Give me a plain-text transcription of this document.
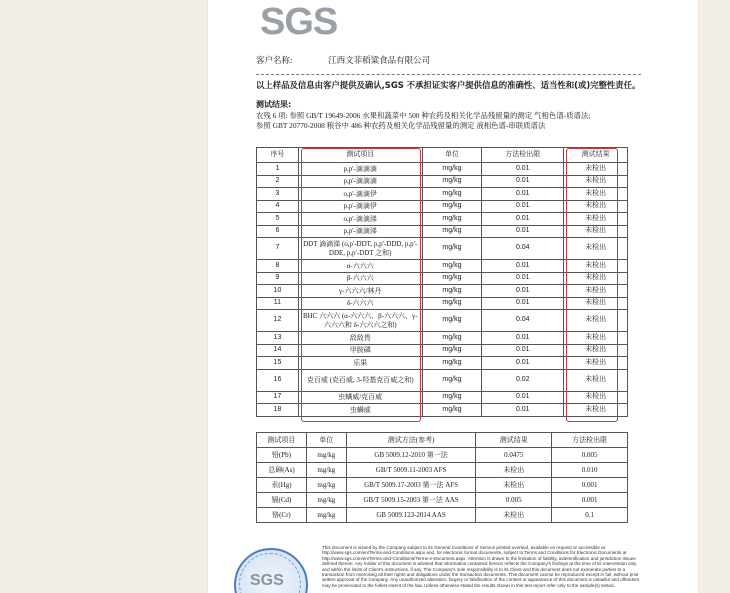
SGS
客户名称:	江西文菲稻粱食品有限公司
以上样品及信息由客户提供及确认,SGS 不承担证实客户提供信息的准确性、适当性和(或)完整性责任。
测试结果:
农残 6 项: 参照 GB/T 19649-2006 水果和蔬菜中 500 种农药及相关化学品残留量的测定 气相色谱-质谱法;
参照 GBT 20770-2008 粮谷中 486 种农药及相关化学品残留量的测定 液相色谱-串联质谱法
序号	测试项目	单位	方法检出限	测试结果
1	p,p'-滴滴滴	mg/kg	0.01	未检出
2	p,p'-滴滴滴	mg/kg	0.01	未检出
3	o,p'-滴滴伊	mg/kg	0.01	未检出
4	p,p'-滴滴伊	mg/kg	0.01	未检出
5	o,p'-滴滴涕	mg/kg	0.01	未检出
6	p,p'-滴滴涕	mg/kg	0.01	未检出
7	DDT 滴滴涕 (o,p'-DDT, p,p'-DDD, p,p'-DDE, p,p'-DDT 之和)	mg/kg	0.04	未检出
8	α-六六六	mg/kg	0.01	未检出
9	β-六六六	mg/kg	0.01	未检出
10	γ-六六六/林丹	mg/kg	0.01	未检出
11	δ-六六六	mg/kg	0.01	未检出
12	BHC 六六六 (α-六六六、β-六六六、γ-六六六和 δ-六六六之和)	mg/kg	0.04	未检出
13	敌敌畏	mg/kg	0.01	未检出
14	甲胺磷	mg/kg	0.01	未检出
15	乐果	mg/kg	0.01	未检出
16	克百威 (克百威, 3-羟基克百威之和)	mg/kg	0.02	未检出
17	虫螨威/克百威	mg/kg	0.01	未检出
18	虫螨威	mg/kg	0.01	未检出
测试项目	单位	测试方法(参考)	测试结果	方法检出限
铅(Pb)	mg/kg	GB 5009.12-2010 第一法	0.0475	0.005
总砷(As)	mg/kg	GB/T 5009.11-2003 AFS	未检出	0.010
汞(Hg)	mg/kg	GB/T 5009.17-2003 第一法 AFS	未检出	0.001
镉(Cd)	mg/kg	GB/T 5009.15-2003 第一法 AAS	0.005	0.001
铬(Cr)	mg/kg	GB 5009.123-2014 AAS	未检出	0.1
SGS
This document is issued by the Company subject to its General Conditions of Service printed overleaf, available on request or accessible at http://www.sgs.com/en/Terms-and-Conditions.aspx and, for electronic format documents, subject to Terms and Conditions for Electronic Documents at http://www.sgs.com/en/Terms-and-Conditions/Terms-e-Document.aspx. Attention is drawn to the limitation of liability, indemnification and jurisdiction issues defined therein. Any holder of this document is advised that information contained hereon reflects the Company's findings at the time of its intervention only and within the limits of Client's instructions, if any. The Company's sole responsibility is to its Client and this document does not exonerate parties to a transaction from exercising all their rights and obligations under the transaction documents. This document cannot be reproduced except in full, without prior written approval of the Company. Any unauthorized alteration, forgery or falsification of the content or appearance of this document is unlawful and offenders may be prosecuted to the fullest extent of the law. Unless otherwise stated the results shown in this test report refer only to the sample(s) tested.
